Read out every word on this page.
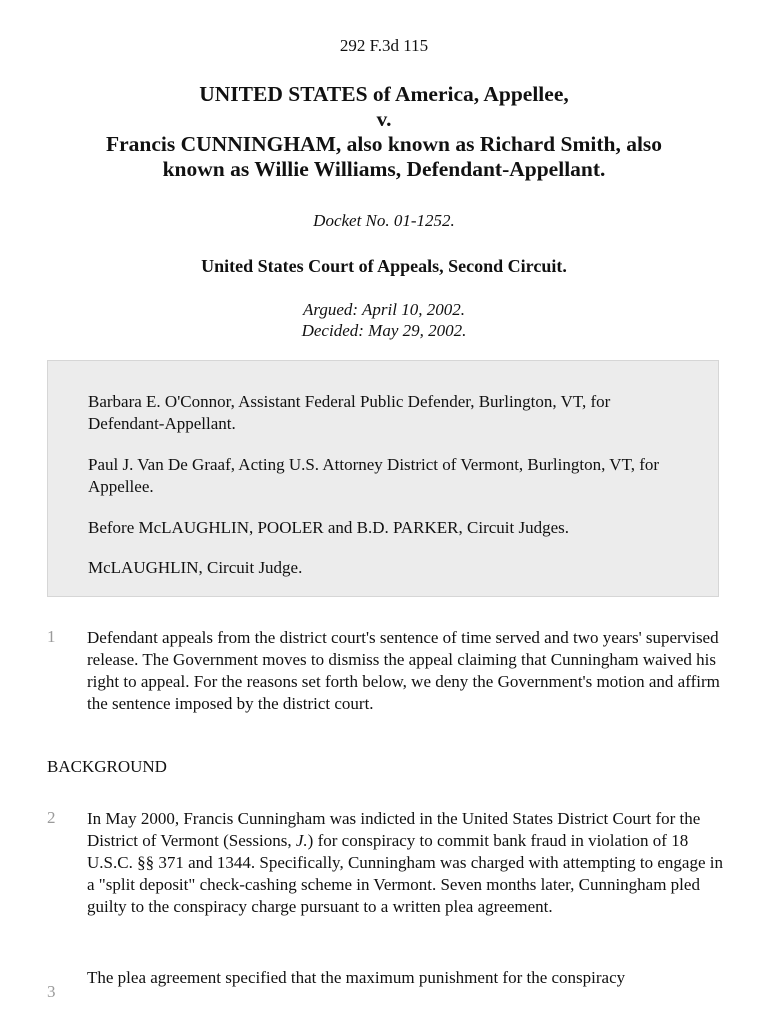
292 F.3d 115
UNITED STATES of America, Appellee,
v.
Francis CUNNINGHAM, also known as Richard Smith, also
known as Willie Williams, Defendant-Appellant.
Docket No. 01-1252.
United States Court of Appeals, Second Circuit.
Argued: April 10, 2002.
Decided: May 29, 2002.

Barbara E. O'Connor, Assistant Federal Public Defender, Burlington, VT, for Defendant-Appellant.

Paul J. Van De Graaf, Acting U.S. Attorney District of Vermont, Burlington, VT, for Appellee.

Before McLAUGHLIN, POOLER and B.D. PARKER, Circuit Judges.

McLAUGHLIN, Circuit Judge.

1 Defendant appeals from the district court's sentence of time served and two years' supervised release. The Government moves to dismiss the appeal claiming that Cunningham waived his right to appeal. For the reasons set forth below, we deny the Government's motion and affirm the sentence imposed by the district court.
BACKGROUND
2 In May 2000, Francis Cunningham was indicted in the United States District Court for the District of Vermont (Sessions, J.) for conspiracy to commit bank fraud in violation of 18 U.S.C. §§ 371 and 1344. Specifically, Cunningham was charged with attempting to engage in a "split deposit" check-cashing scheme in Vermont. Seven months later, Cunningham pled guilty to the conspiracy charge pursuant to a written plea agreement.
3
The plea agreement specified that the maximum punishment for the conspiracy
